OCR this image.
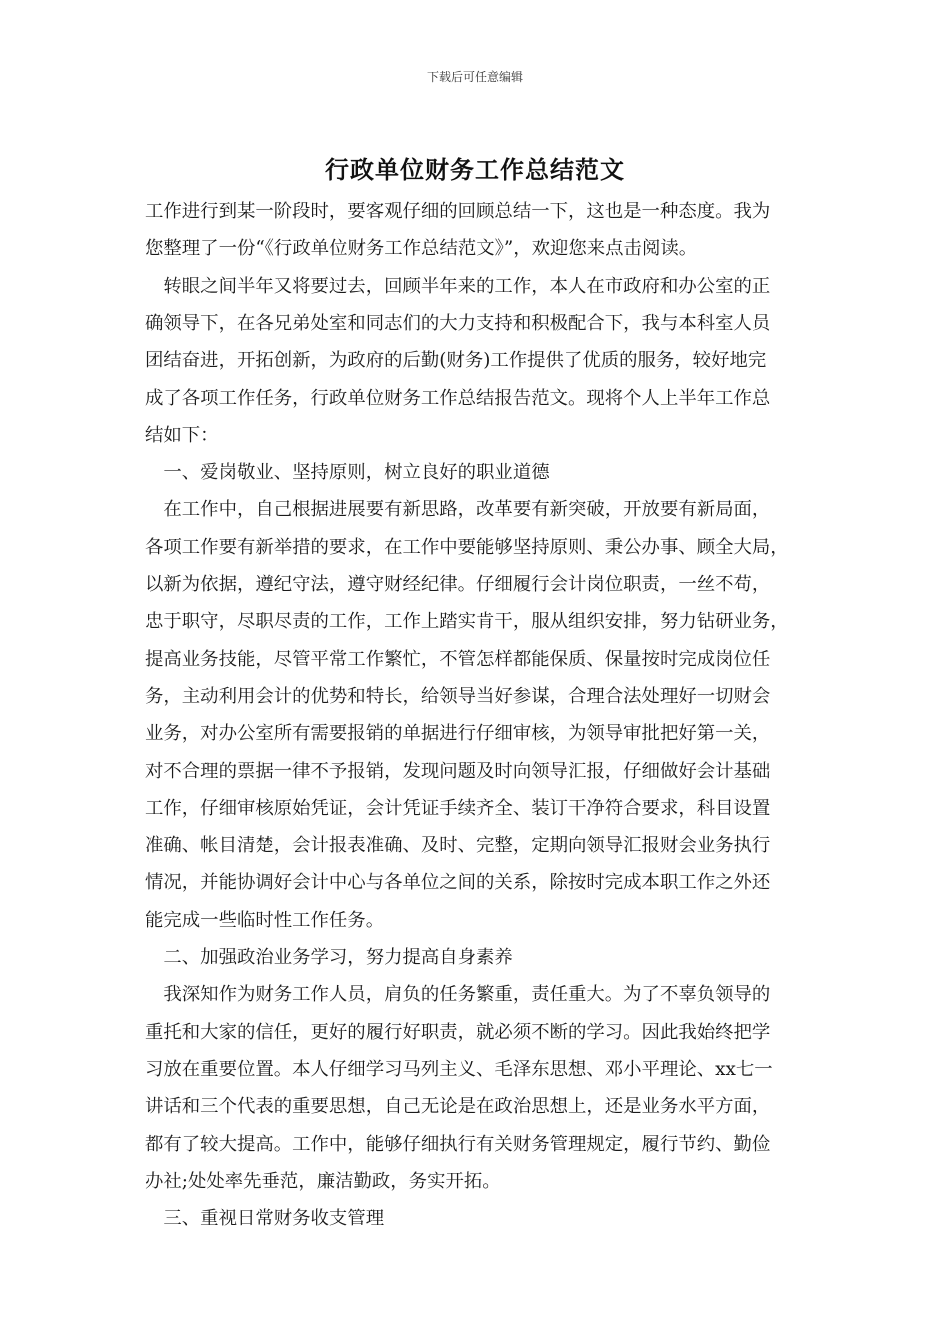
下载后可任意编辑
行政单位财务工作总结范文
工作进行到某一阶段时，要客观仔细的回顾总结一下，这也是一种态度。我为
您整理了一份“《行政单位财务工作总结范文》”，欢迎您来点击阅读。
　转眼之间半年又将要过去，回顾半年来的工作，本人在市政府和办公室的正
确领导下，在各兄弟处室和同志们的大力支持和积极配合下，我与本科室人员
团结奋进，开拓创新，为政府的后勤(财务)工作提供了优质的服务，较好地完
成了各项工作任务，行政单位财务工作总结报告范文。现将个人上半年工作总
结如下：
　一、爱岗敬业、坚持原则，树立良好的职业道德
　在工作中，自己根据进展要有新思路，改革要有新突破，开放要有新局面，
各项工作要有新举措的要求，在工作中要能够坚持原则、秉公办事、顾全大局，
以新为依据，遵纪守法，遵守财经纪律。仔细履行会计岗位职责，一丝不苟，
忠于职守，尽职尽责的工作，工作上踏实肯干，服从组织安排，努力钻研业务，
提高业务技能，尽管平常工作繁忙，不管怎样都能保质、保量按时完成岗位任
务，主动利用会计的优势和特长，给领导当好参谋，合理合法处理好一切财会
业务，对办公室所有需要报销的单据进行仔细审核，为领导审批把好第一关，
对不合理的票据一律不予报销，发现问题及时向领导汇报，仔细做好会计基础
工作，仔细审核原始凭证，会计凭证手续齐全、装订干净符合要求，科目设置
准确、帐目清楚，会计报表准确、及时、完整，定期向领导汇报财会业务执行
情况，并能协调好会计中心与各单位之间的关系，除按时完成本职工作之外还
能完成一些临时性工作任务。
　二、加强政治业务学习，努力提高自身素养
　我深知作为财务工作人员，肩负的任务繁重，责任重大。为了不辜负领导的
重托和大家的信任，更好的履行好职责，就必须不断的学习。因此我始终把学
习放在重要位置。本人仔细学习马列主义、毛泽东思想、邓小平理论、xx七一
讲话和三个代表的重要思想，自己无论是在政治思想上，还是业务水平方面，
都有了较大提高。工作中，能够仔细执行有关财务管理规定，履行节约、勤俭
办社;处处率先垂范，廉洁勤政，务实开拓。
　三、重视日常财务收支管理
